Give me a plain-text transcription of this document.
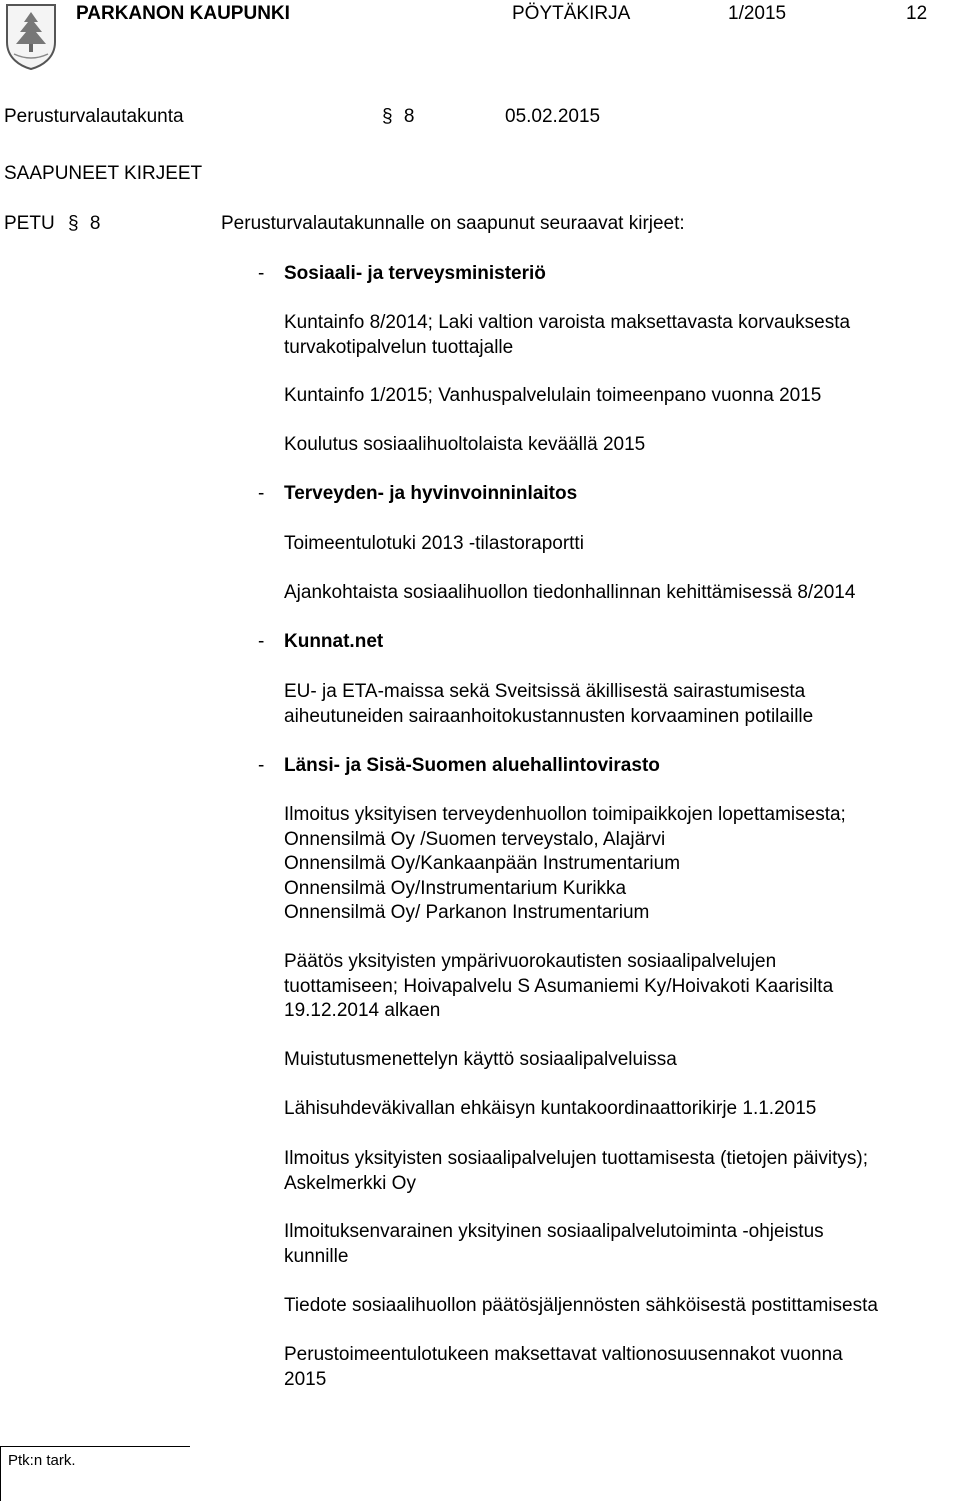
PARKANON KAUPUNKI	PÖYTÄKIRJA	1/2015	12
Perusturvalautakunta	§ 8	05.02.2015
SAAPUNEET KIRJEET
PETU § 8	Perusturvalautakunnalle on saapunut seuraavat kirjeet:
- Sosiaali- ja terveysministeriö
Kuntainfo 8/2014; Laki valtion varoista maksettavasta korvauksesta
turvakotipalvelun tuottajalle
Kuntainfo 1/2015; Vanhuspalvelulain toimeenpano vuonna 2015
Koulutus sosiaalihuoltolaista keväällä 2015
- Terveyden- ja hyvinvoinninlaitos
Toimeentulotuki 2013 -tilastoraportti
Ajankohtaista sosiaalihuollon tiedonhallinnan kehittämisessä 8/2014
- Kunnat.net
EU- ja ETA-maissa sekä Sveitsissä äkillisestä sairastumisesta
aiheutuneiden sairaanhoitokustannusten korvaaminen potilaille
- Länsi- ja Sisä-Suomen aluehallintovirasto
Ilmoitus yksityisen terveydenhuollon toimipaikkojen lopettamisesta;
Onnensilmä Oy /Suomen terveystalo, Alajärvi
Onnensilmä Oy/Kankaanpään Instrumentarium
Onnensilmä Oy/Instrumentarium Kurikka
Onnensilmä Oy/ Parkanon Instrumentarium
Päätös yksityisten ympärivuorokautisten sosiaalipalvelujen
tuottamiseen; Hoivapalvelu S Asumaniemi Ky/Hoivakoti Kaarisilta
19.12.2014 alkaen
Muistutusmenettelyn käyttö sosiaalipalveluissa
Lähisuhdeväkivallan ehkäisyn kuntakoordinaattorikirje 1.1.2015
Ilmoitus yksityisten sosiaalipalvelujen tuottamisesta (tietojen päivitys);
Askelmerkki Oy
Ilmoituksenvarainen yksityinen sosiaalipalvelutoiminta -ohjeistus
kunnille
Tiedote sosiaalihuollon päätösjäljennösten sähköisestä postittamisesta
Perustoimeentulotukeen maksettavat valtionosuusennakot vuonna
2015
Ptk:n tark.
